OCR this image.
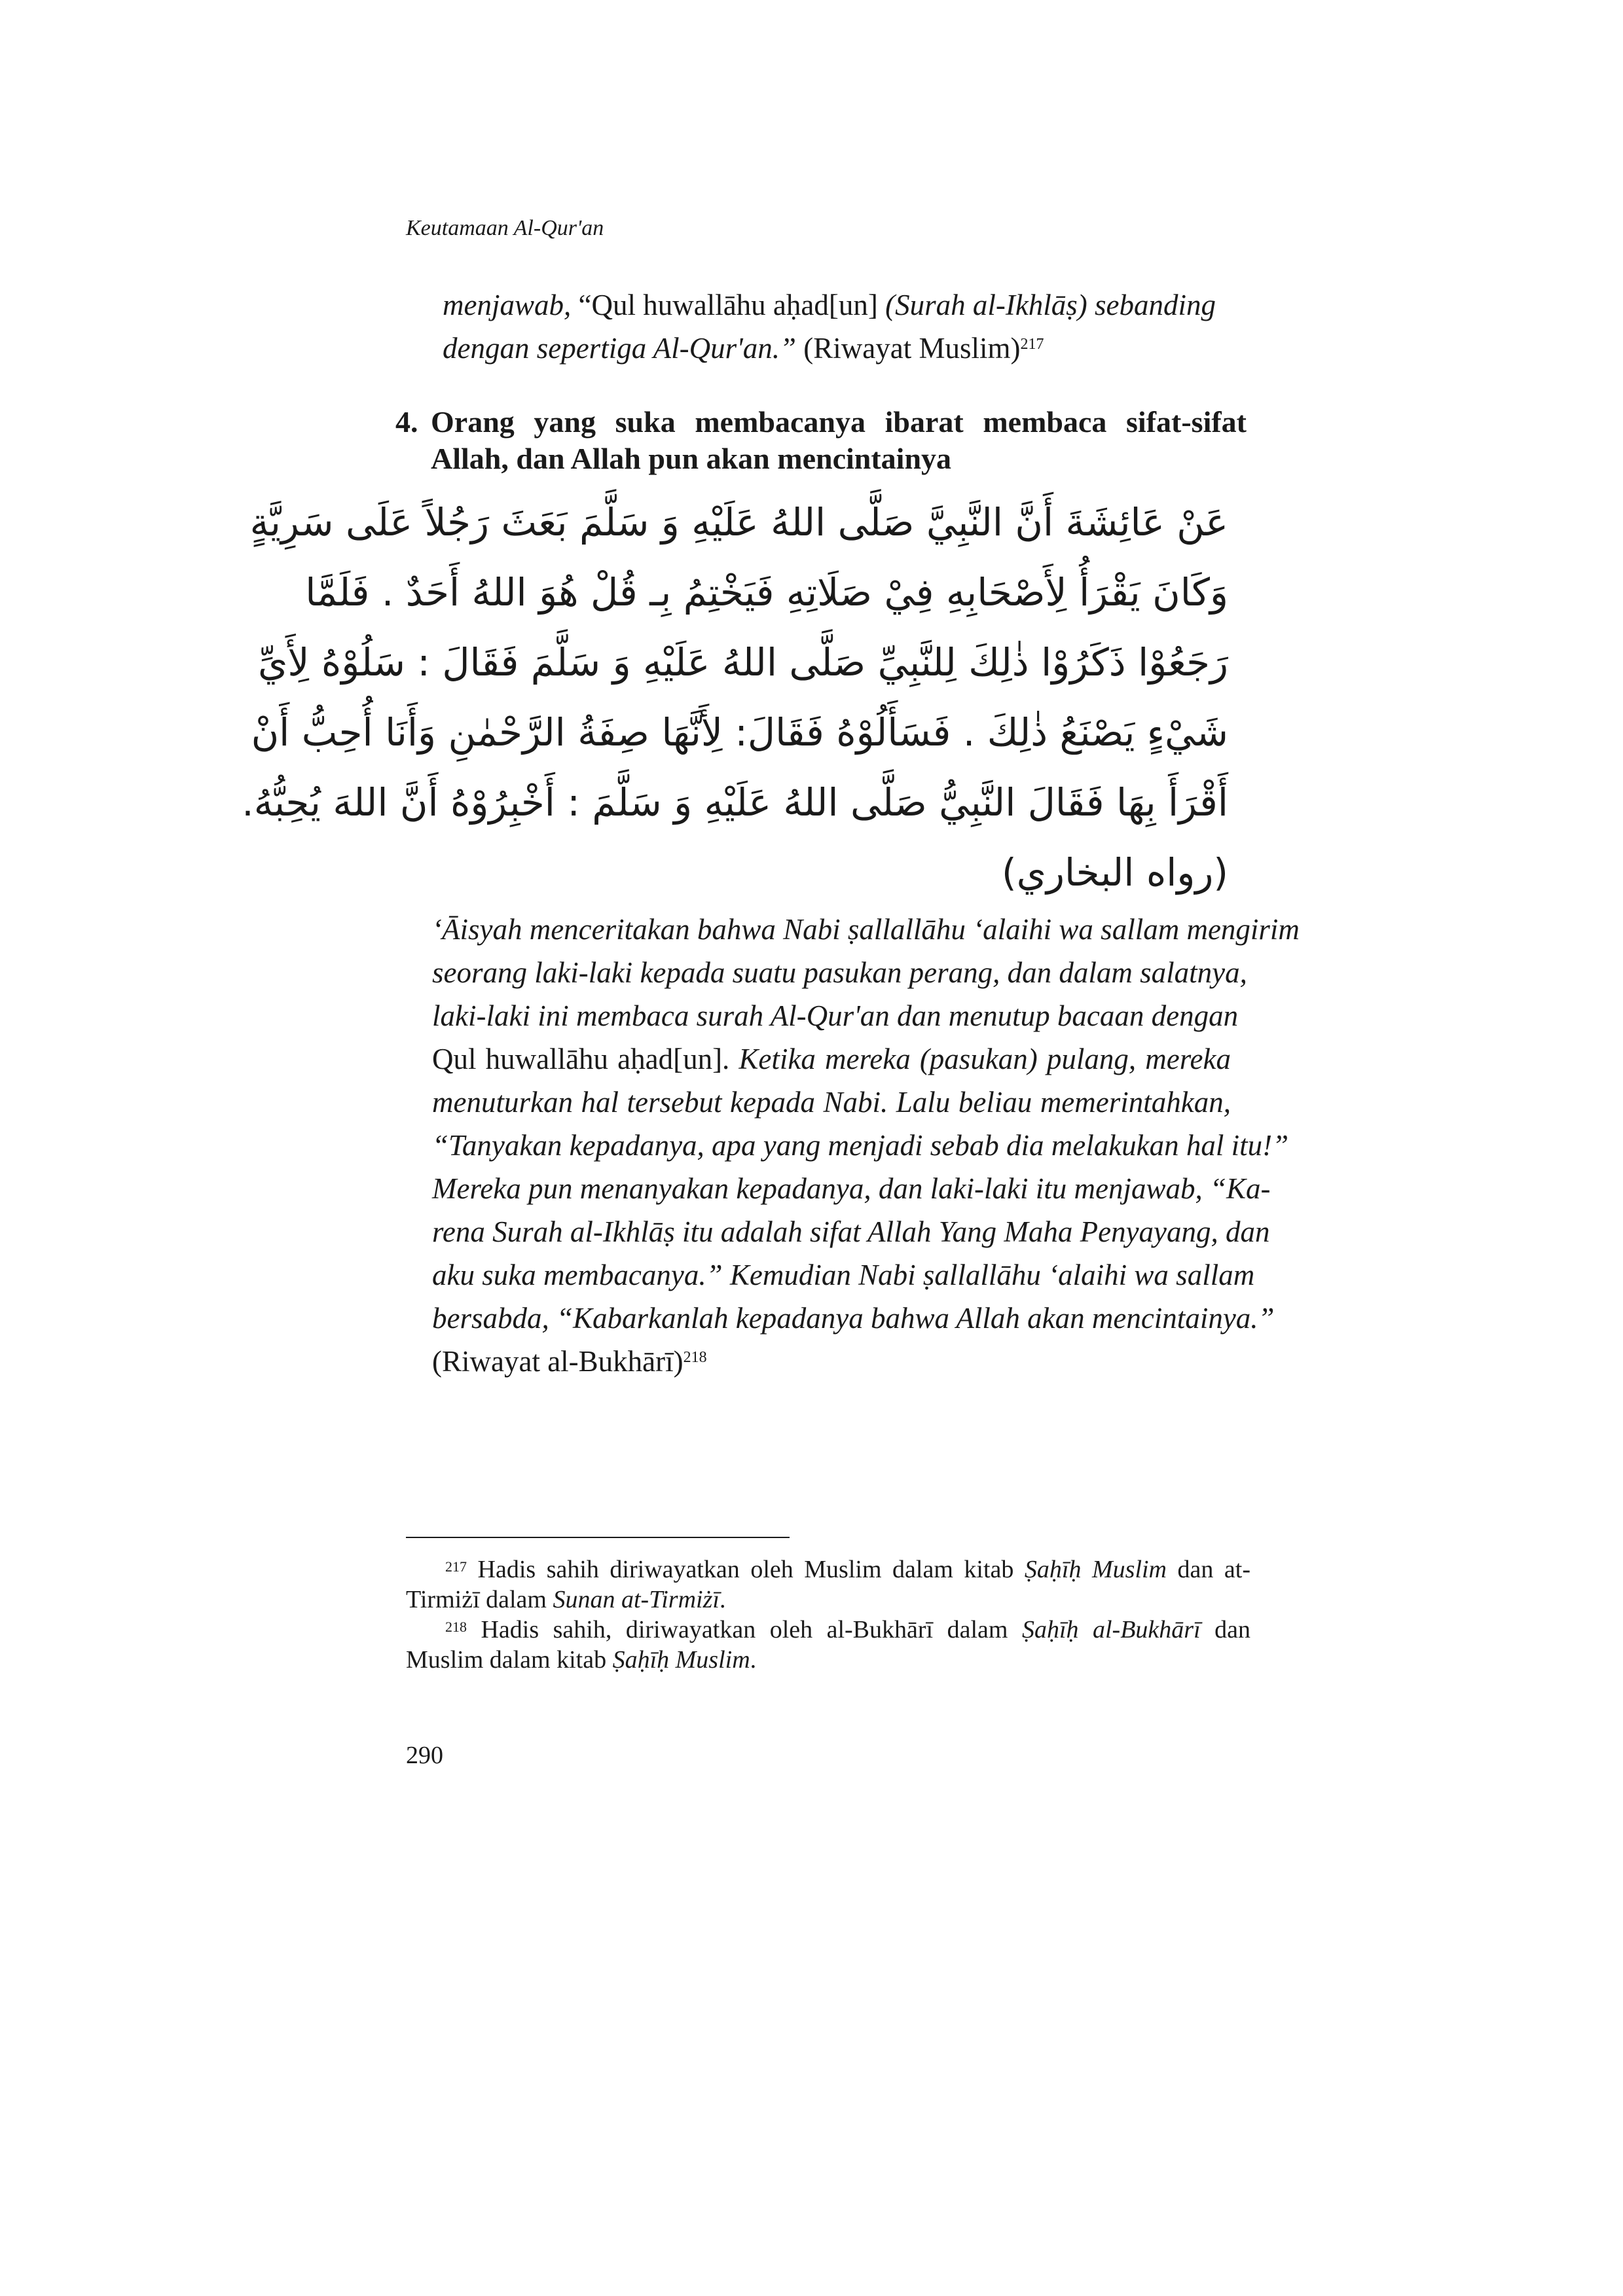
Keutamaan Al-Qur'an

menjawab, “Qul huwallāhu aḥad[un] (Surah al-Ikhlāṣ) sebanding

dengan sepertiga Al-Qur'an.” (Riwayat Muslim)$^{217}$

4. Orang yang suka membacanya ibarat membaca sifat-sifat Allah, dan Allah pun akan mencintainya
عَنْ عَائِشَةَ أَنَّ النَّبِيَّ صَلَّى اللهُ عَلَيْهِ وَ سَلَّمَ بَعَثَ رَجُلاً عَلَى سَرِيَّةٍ
وَكَانَ يَقْرَأُ لِأَصْحَابِهِ فِيْ صَلَاتِهِ فَيَخْتِمُ بِـ قُلْ هُوَ اللهُ أَحَدٌ . فَلَمَّا
رَجَعُوْا ذَكَرُوْا ذٰلِكَ لِلنَّبِيِّ صَلَّى اللهُ عَلَيْهِ وَ سَلَّمَ فَقَالَ : سَلُوْهُ لِأَيِّ
شَيْءٍ يَصْنَعُ ذٰلِكَ . فَسَأَلُوْهُ فَقَالَ: لِأَنَّهَا صِفَةُ الرَّحْمٰنِ وَأَنَا أُحِبُّ أَنْ
أَقْرَأَ بِهَا فَقَالَ النَّبِيُّ صَلَّى اللهُ عَلَيْهِ وَ سَلَّمَ : أَخْبِرُوْهُ أَنَّ اللهَ يُحِبُّهُ.
(رواه البخاري)
‘Āisyah menceritakan bahwa Nabi ṣallallāhu ‘alaihi wa sallam mengirim
seorang laki-laki kepada suatu pasukan perang, dan dalam salatnya,
laki-laki ini membaca surah Al-Qur'an dan menutup bacaan dengan
Qul huwallāhu aḥad[un]. Ketika mereka (pasukan) pulang, mereka
menuturkan hal tersebut kepada Nabi. Lalu beliau memerintahkan,
“Tanyakan kepadanya, apa yang menjadi sebab dia melakukan hal itu!”
Mereka pun menanyakan kepadanya, dan laki-laki itu menjawab, “Ka-
rena Surah al-Ikhlāṣ itu adalah sifat Allah Yang Maha Penyayang, dan
aku suka membacanya.” Kemudian Nabi ṣallallāhu ‘alaihi wa sallam
bersabda, “Kabarkanlah kepadanya bahwa Allah akan mencintainya.”
(Riwayat al-Bukhārī)$^{218}$
$^{217}$ Hadis sahih diriwayatkan oleh Muslim dalam kitab Ṣaḥīḥ Muslim dan at-
Tirmiżī dalam Sunan at-Tirmiżī.
$^{218}$ Hadis sahih, diriwayatkan oleh al-Bukhārī dalam Ṣaḥīḥ al-Bukhārī dan
Muslim dalam kitab Ṣaḥīḥ Muslim.
290
